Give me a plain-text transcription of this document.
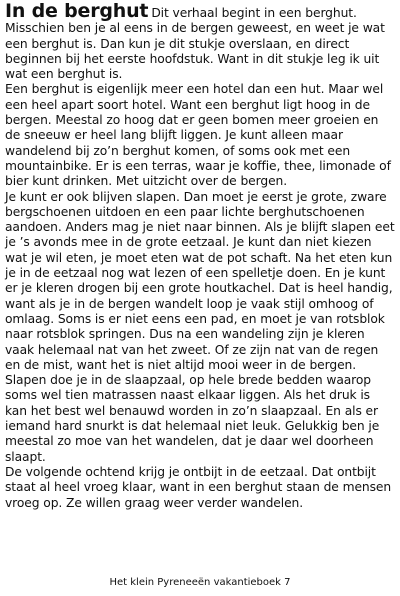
In de berghut Dit verhaal begint in een berghut. Misschien ben je al eens in de bergen geweest, en weet je wat een berghut is. Dan kun je dit stukje overslaan, en direct beginnen bij het eerste hoofdstuk. Want in dit stukje leg ik uit wat een berghut is.

Een berghut is eigenlijk meer een hotel dan een hut. Maar wel een heel apart soort hotel. Want een berghut ligt hoog in de bergen. Meestal zo hoog dat er geen bomen meer groeien en de sneeuw er heel lang blijft liggen. Je kunt alleen maar wandelend bij zo’n berghut komen, of soms ook met een mountainbike. Er is een terras, waar je koffie, thee, limonade of bier kunt drinken. Met uitzicht over de bergen.

Je kunt er ook blijven slapen. Dan moet je eerst je grote, zware bergschoenen uitdoen en een paar lichte berghutschoenen aandoen. Anders mag je niet naar binnen. Als je blijft slapen eet je ’s avonds mee in de grote eetzaal. Je kunt dan niet kiezen wat je wil eten, je moet eten wat de pot schaft. Na het eten kun je in de eetzaal nog wat lezen of een spelletje doen. En je kunt er je kleren drogen bij een grote houtkachel. Dat is heel handig, want als je in de bergen wandelt loop je vaak stijl omhoog of omlaag. Soms is er niet eens een pad, en moet je van rotsblok naar rotsblok springen. Dus na een wandeling zijn je kleren vaak helemaal nat van het zweet. Of ze zijn nat van de regen en de mist, want het is niet altijd mooi weer in de bergen.

Slapen doe je in de slaapzaal, op hele brede bedden waarop soms wel tien matrassen naast elkaar liggen. Als het druk is kan het best wel benauwd worden in zo’n slaapzaal. En als er iemand hard snurkt is dat helemaal niet leuk. Gelukkig ben je meestal zo moe van het wandelen, dat je daar wel doorheen slaapt.

De volgende ochtend krijg je ontbijt in de eetzaal. Dat ontbijt staat al heel vroeg klaar, want in een berghut staan de mensen vroeg op. Ze willen graag weer verder wandelen.

Het klein Pyreneeën vakantieboek 7
